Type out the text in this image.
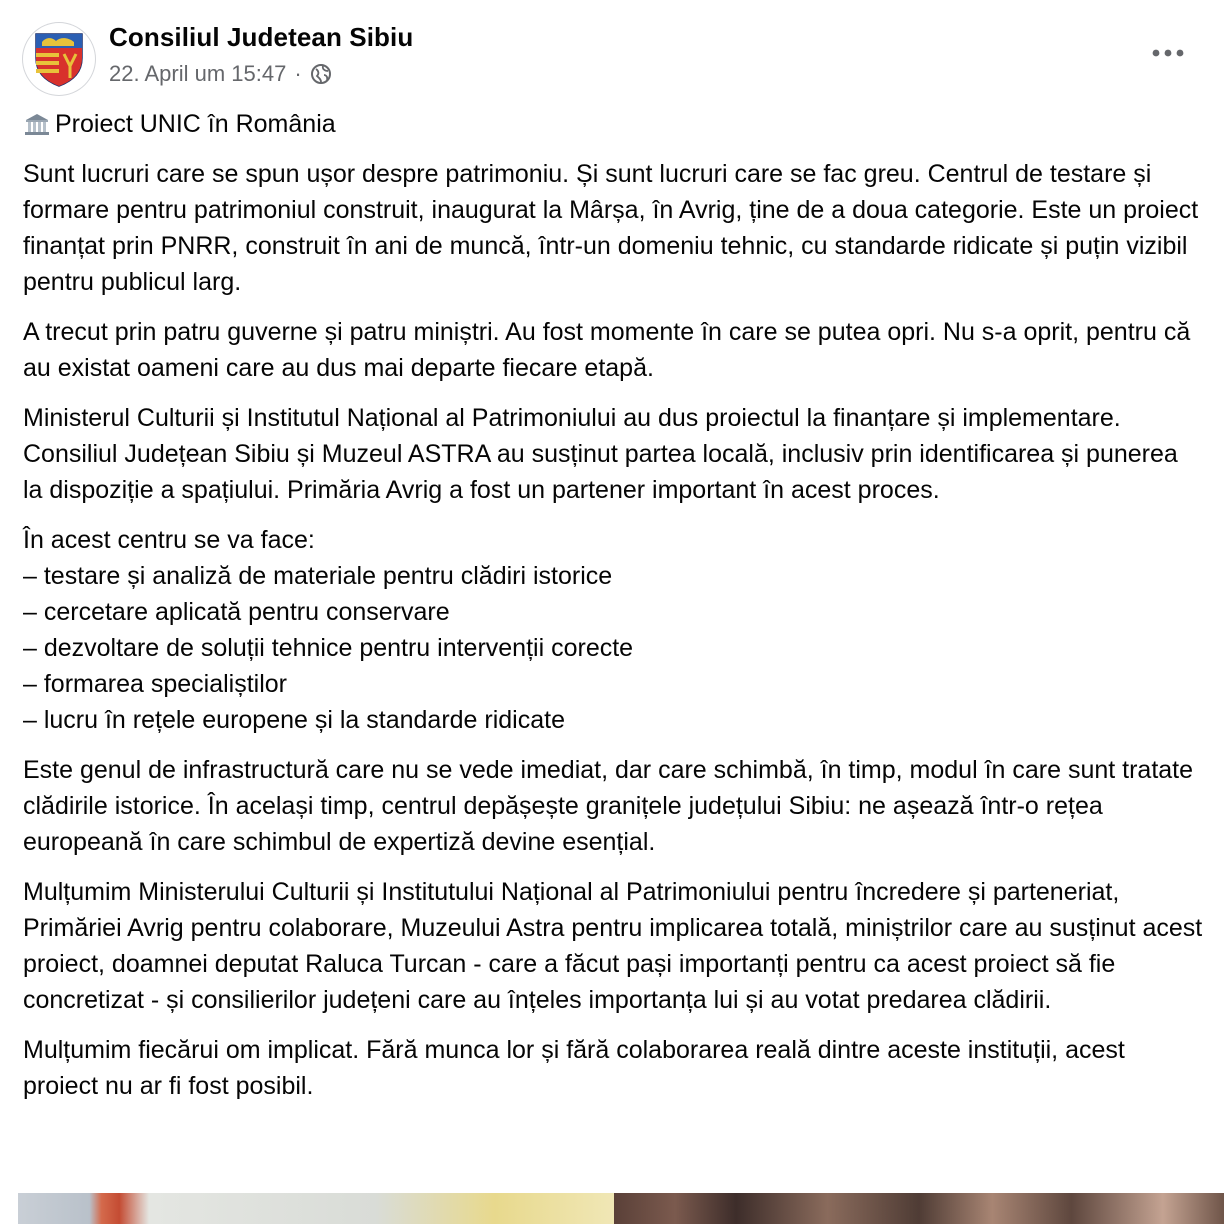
Consiliul Judetean Sibiu
22. April um 15:47 ·

Proiect UNIC în România

Sunt lucruri care se spun ușor despre patrimoniu. Și sunt lucruri care se fac greu. Centrul de testare și formare pentru patrimoniul construit, inaugurat la Mârșa, în Avrig, ține de a doua categorie. Este un proiect finanțat prin PNRR, construit în ani de muncă, într-un domeniu tehnic, cu standarde ridicate și puțin vizibil pentru publicul larg.

A trecut prin patru guverne și patru miniștri. Au fost momente în care se putea opri. Nu s-a oprit, pentru că au existat oameni care au dus mai departe fiecare etapă.

Ministerul Culturii și Institutul Național al Patrimoniului au dus proiectul la finanțare și implementare. Consiliul Județean Sibiu și Muzeul ASTRA au susținut partea locală, inclusiv prin identificarea și punerea la dispoziție a spațiului. Primăria Avrig a fost un partener important în acest proces.

În acest centru se va face:
– testare și analiză de materiale pentru clădiri istorice
– cercetare aplicată pentru conservare
– dezvoltare de soluții tehnice pentru intervenții corecte
– formarea specialiștilor
– lucru în rețele europene și la standarde ridicate

Este genul de infrastructură care nu se vede imediat, dar care schimbă, în timp, modul în care sunt tratate clădirile istorice. În același timp, centrul depășește granițele județului Sibiu: ne așează într-o rețea europeană în care schimbul de expertiză devine esențial.

Mulțumim Ministerului Culturii și Institutului Național al Patrimoniului pentru încredere și parteneriat, Primăriei Avrig pentru colaborare, Muzeului Astra pentru implicarea totală, miniștrilor care au susținut acest proiect, doamnei deputat Raluca Turcan - care a făcut pași importanți pentru ca acest proiect să fie concretizat - și consilierilor județeni care au înțeles importanța lui și au votat predarea clădirii.

Mulțumim fiecărui om implicat. Fără munca lor și fără colaborarea reală dintre aceste instituții, acest proiect nu ar fi fost posibil.
